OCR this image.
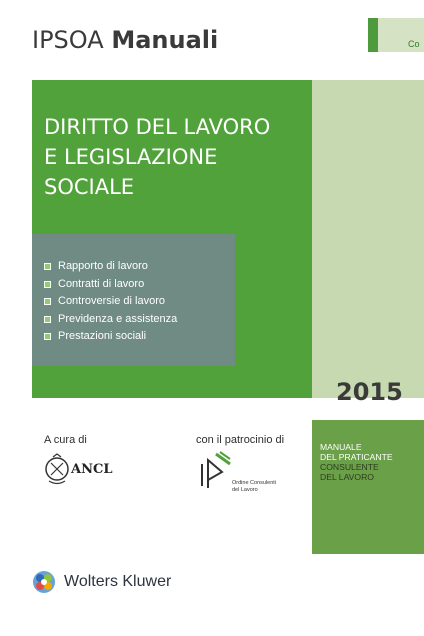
IPSOA Manuali	Co
DIRITTO DEL LAVORO
E LEGISLAZIONE
SOCIALE
Rapporto di lavoro
Contratti di lavoro
Controversie di lavoro
Previdenza e assistenza
Prestazioni sociali
2015
MANUALE
DEL PRATICANTE
CONSULENTE
DEL LAVORO
A cura di
ANCL
con il patrocinio di
Ordine Consulenti
del Lavoro
Wolters Kluwer
